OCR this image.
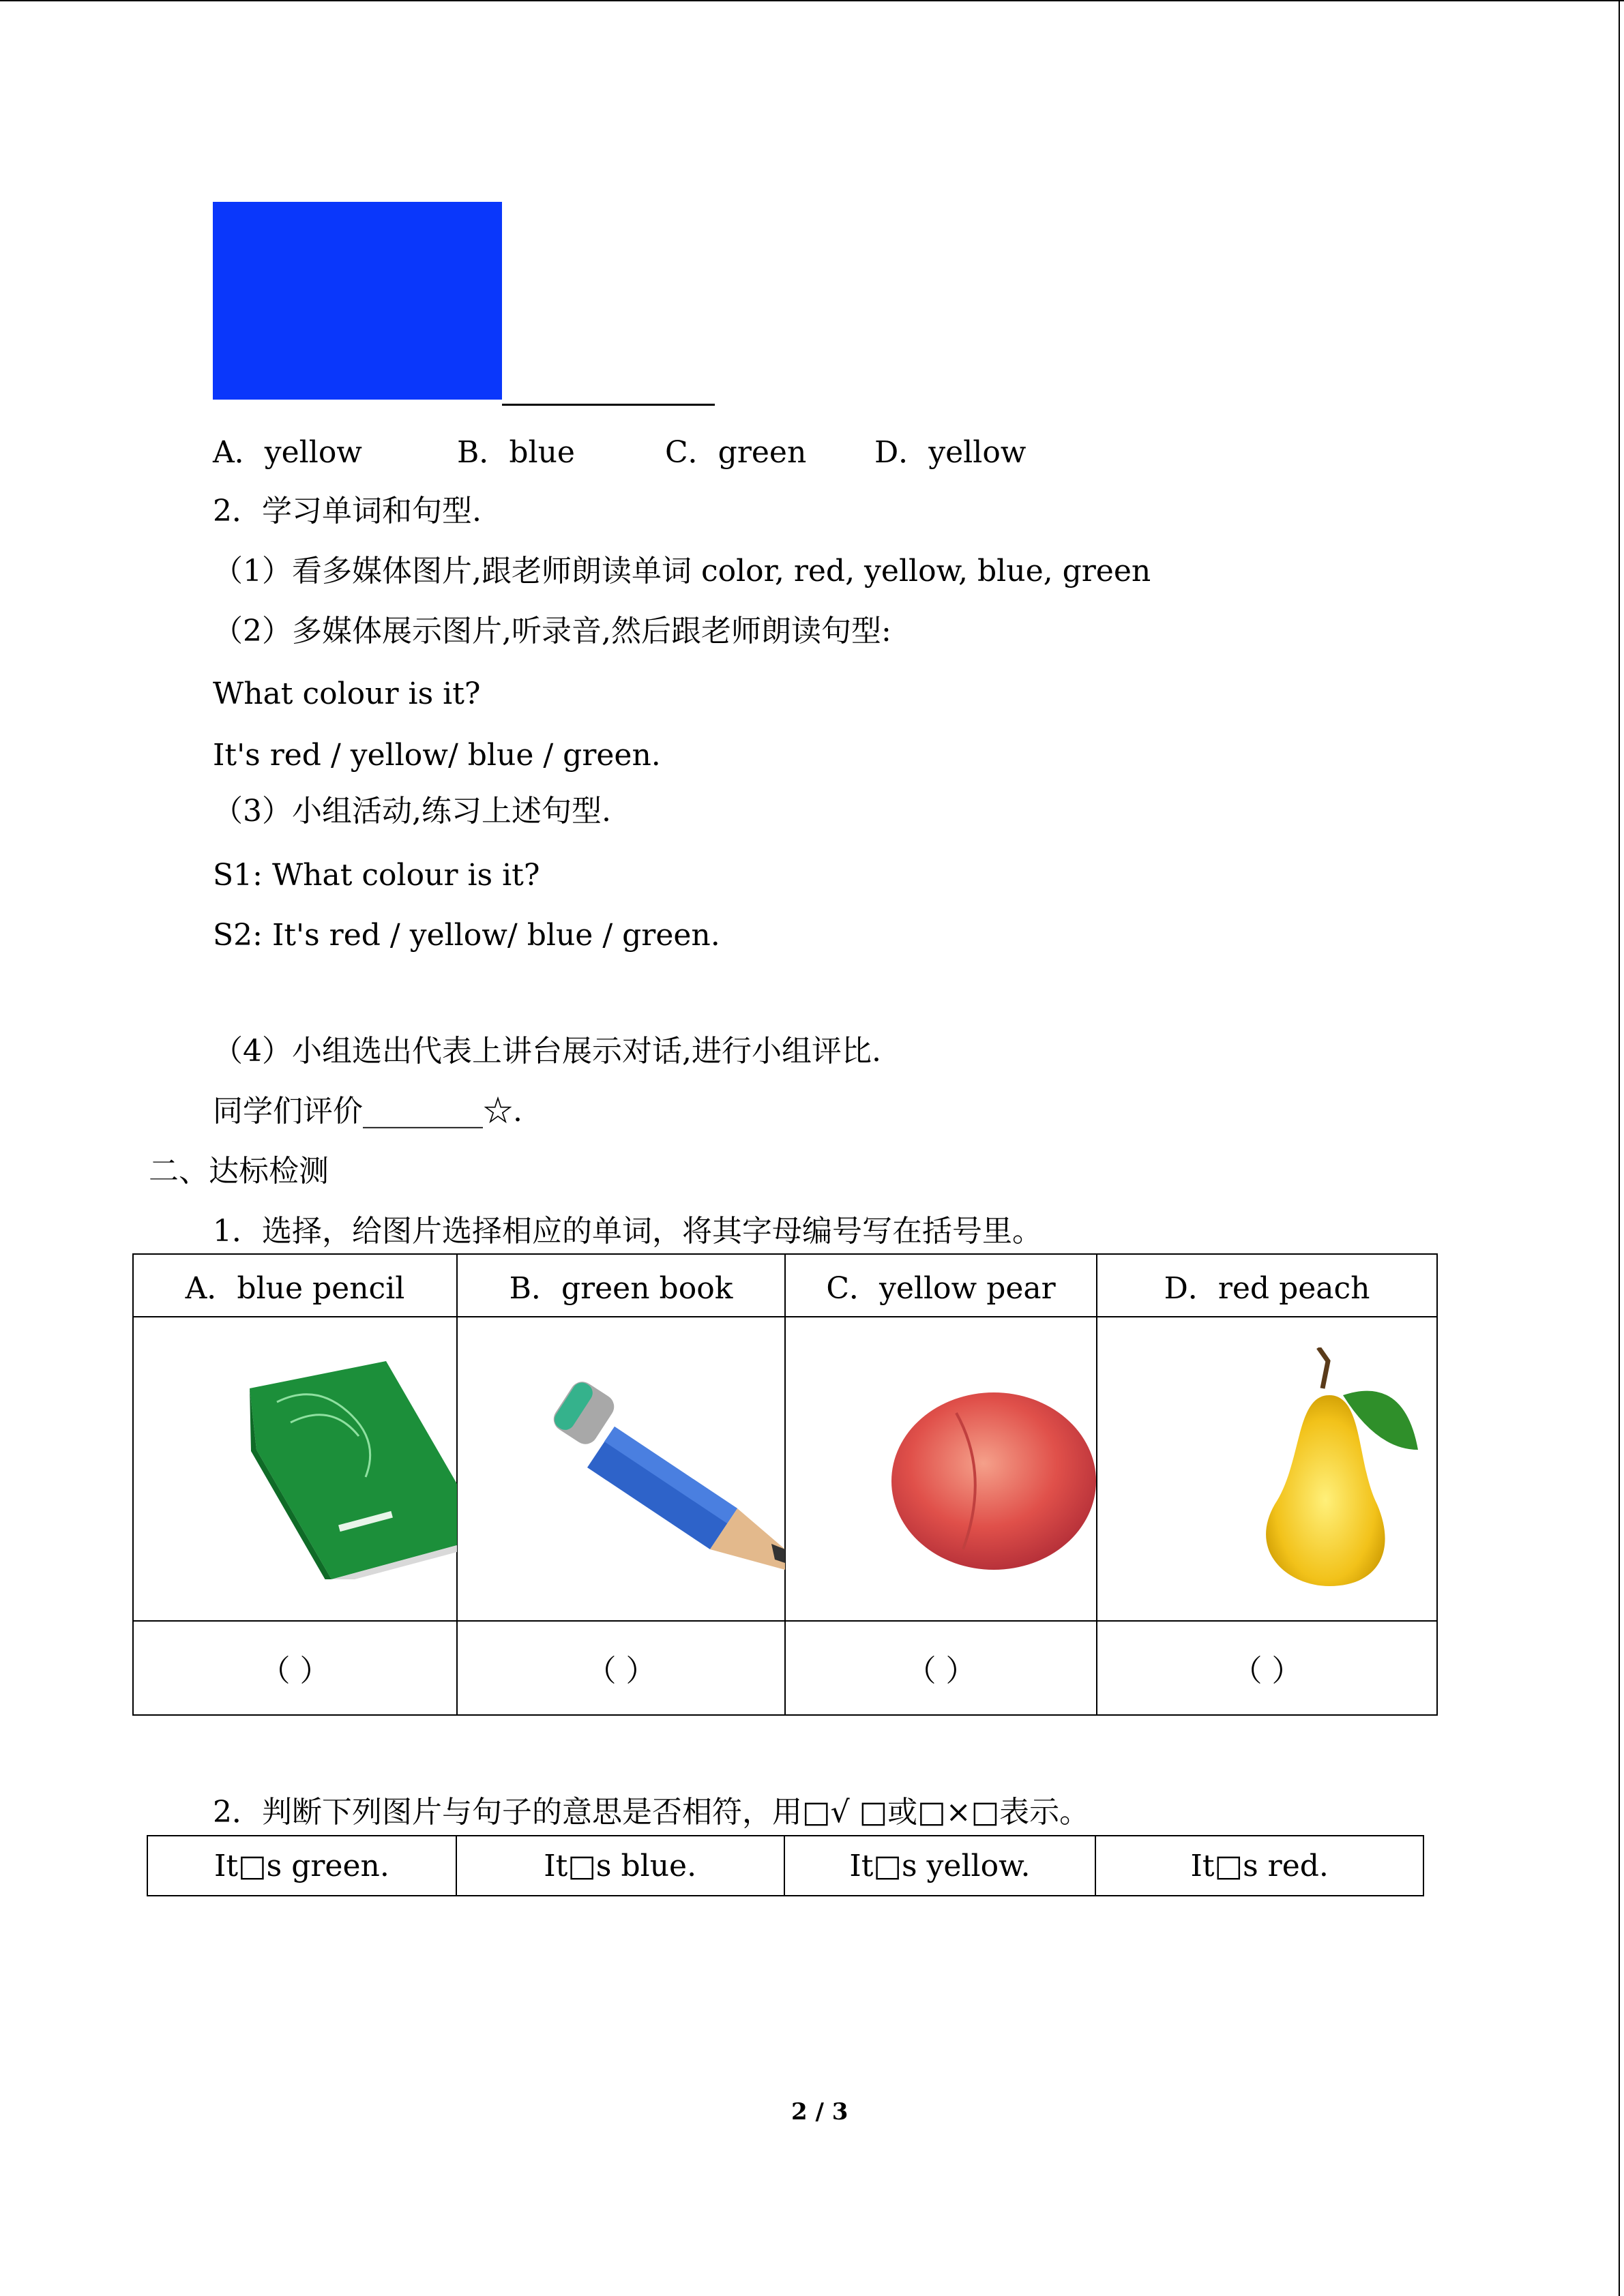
A．yellow	B．blue	C．green D．yellow
2．学习单词和句型.
（1）看多媒体图片,跟老师朗读单词 color, red, yellow, blue, green
（2）多媒体展示图片,听录音,然后跟老师朗读句型:
What colour is it?
It's red / yellow/ blue / green.
（3）小组活动,练习上述句型.
S1: What colour is it?
S2: It's red / yellow/ blue / green.
（4）小组选出代表上讲台展示对话,进行小组评比.
同学们评价________☆.
二、达标检测
1．选择，给图片选择相应的单词，将其字母编号写在括号里。
A．blue pencil	B．green book	C．yellow pear	D．red peach

（ ）	（ ）	（ ）	（ ）
2．判断下列图片与句子的意思是否相符，用□√ □或□×□表示。
It□s green.	It□s blue.	It□s yellow.	It□s red.
2 / 3
